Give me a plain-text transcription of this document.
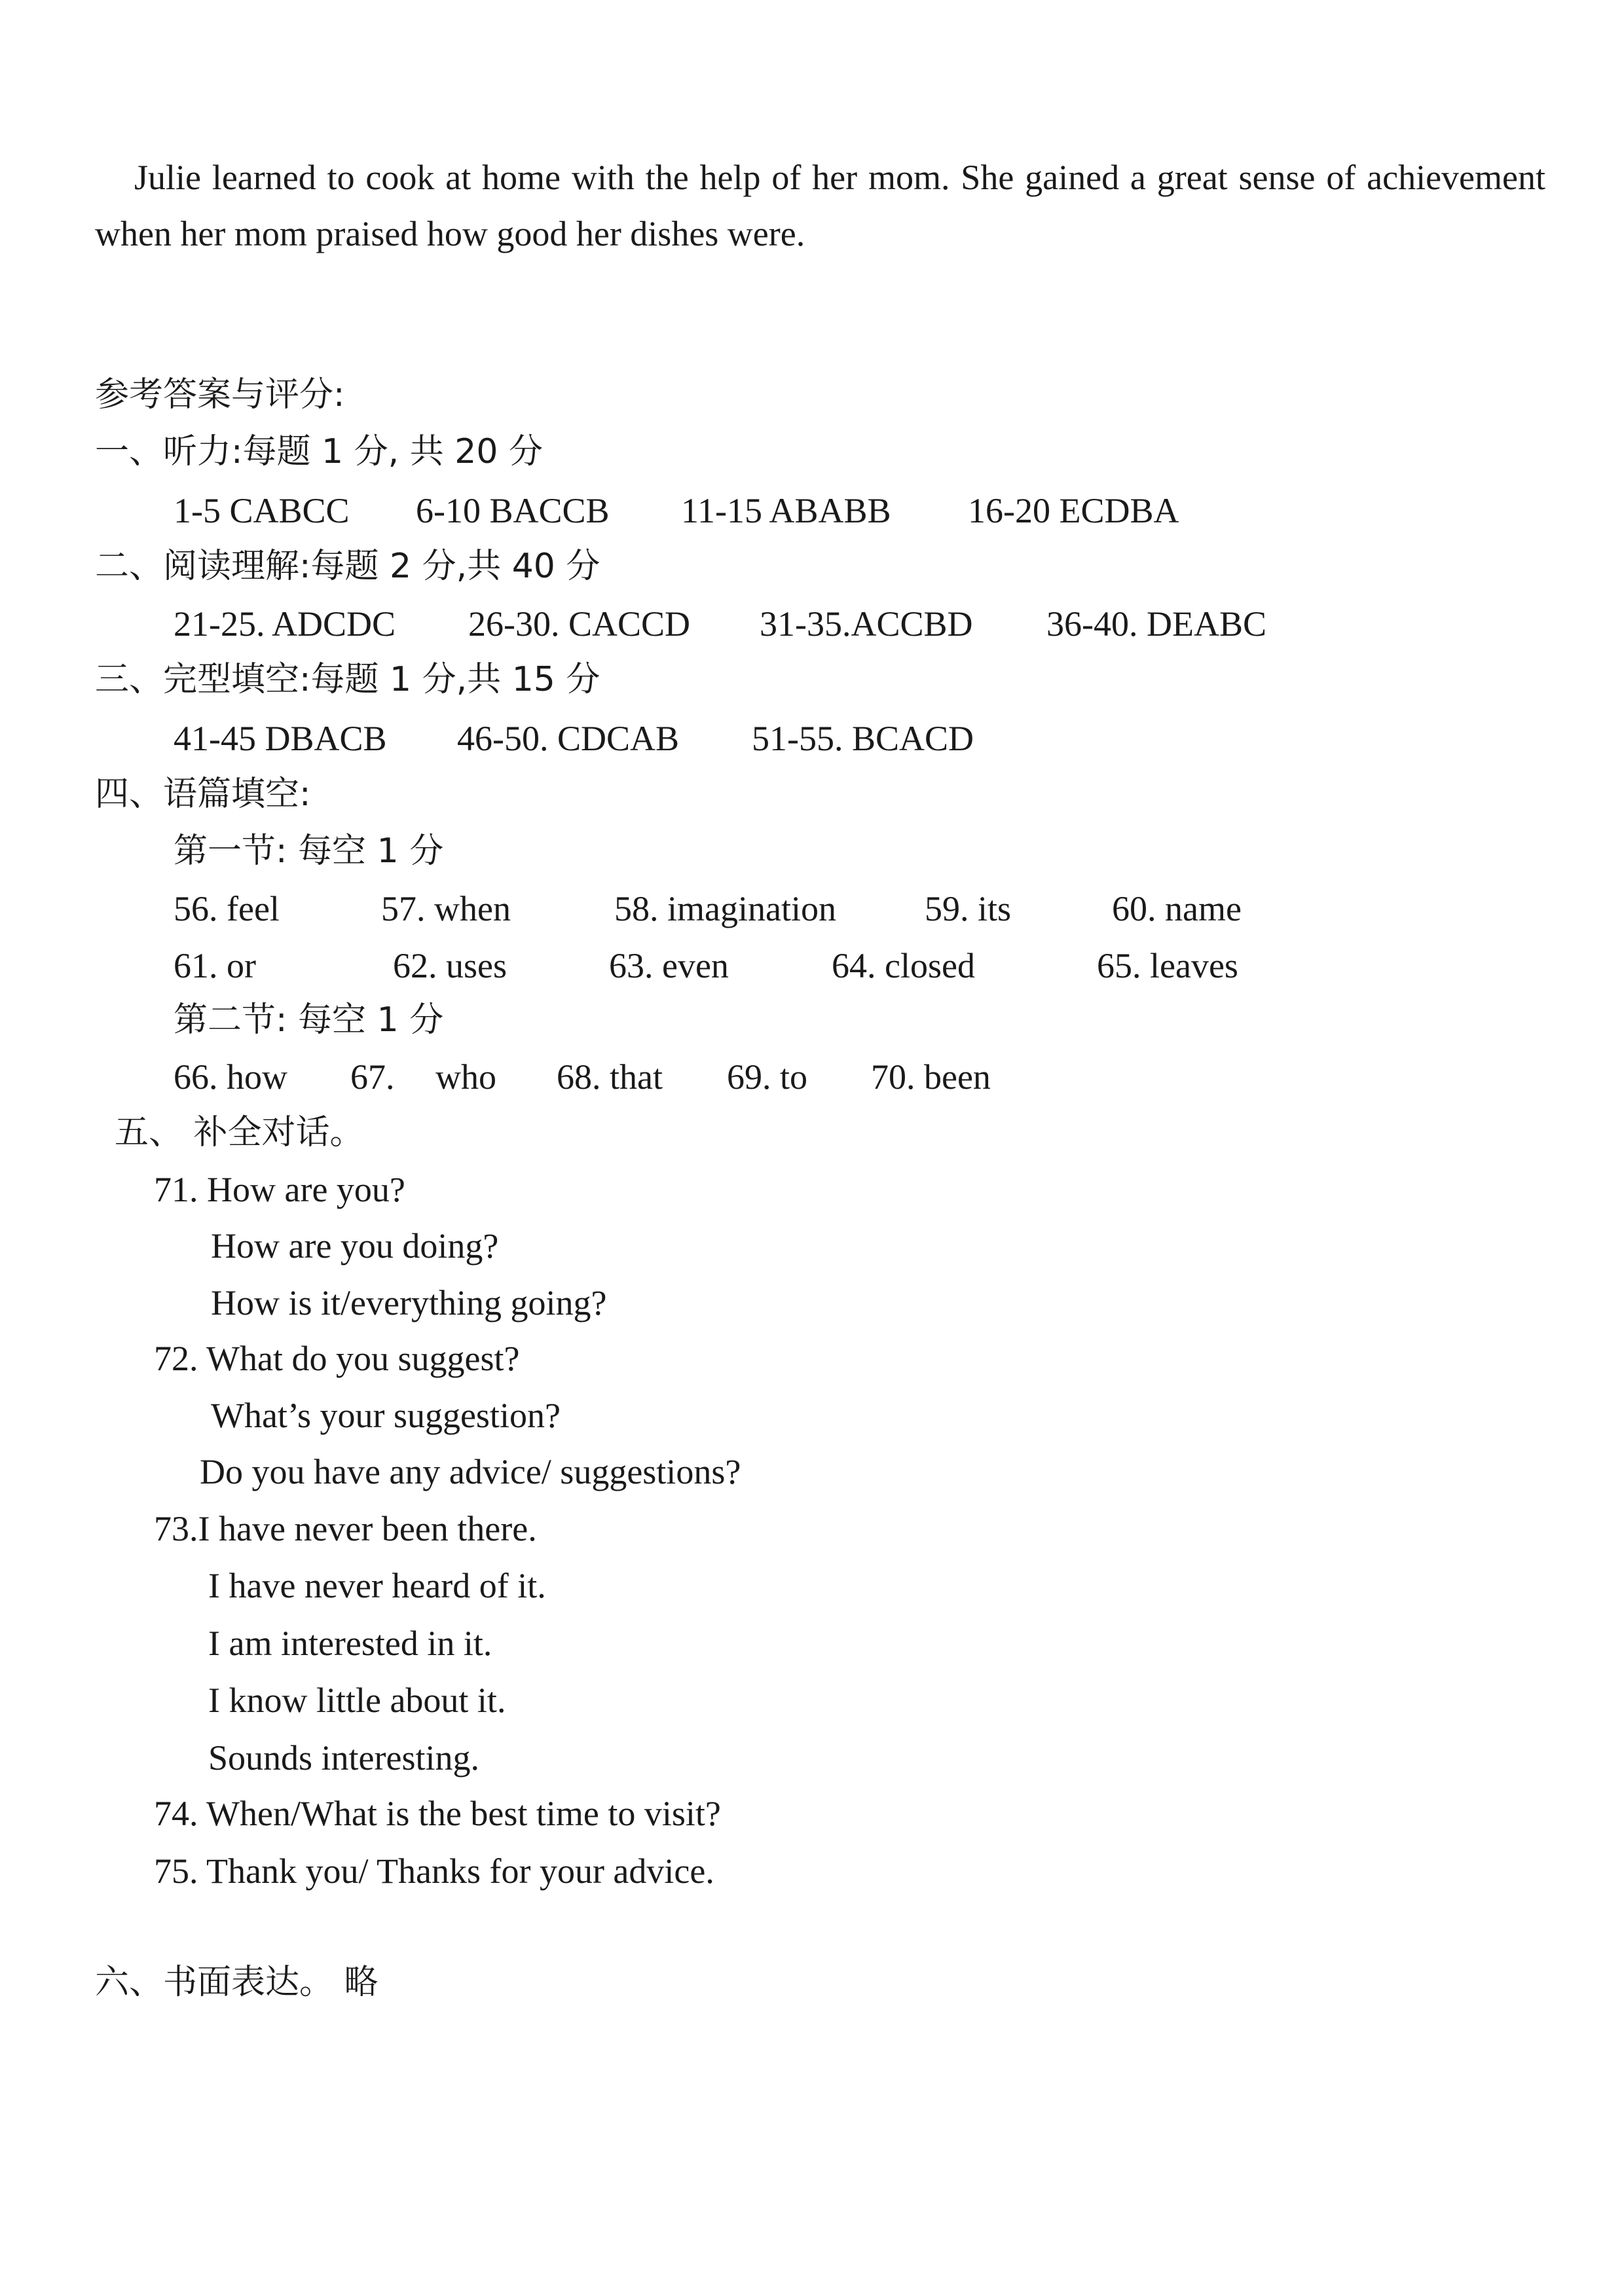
Julie learned to cook at home with the help of her mom. She gained a great sense of achievement when her mom praised how good her dishes were.

参考答案与评分:
一、听力:每题 1 分, 共 20 分
1-5 CABCC 6-10 BACCB 11-15 ABABB 16-20 ECDBA
二、阅读理解:每题 2 分,共 40 分
21-25. ADCDC 26-30. CACCD 31-35.ACCBD 36-40. DEABC
三、完型填空:每题 1 分,共 15 分
41-45 DBACB 46-50. CDCAB 51-55. BCACD
四、语篇填空:
第一节: 每空 1 分
56. feel	57. when	58. imagination	59. its	60. name
61. or	62. uses	63. even	64. closed	65. leaves
第二节: 每空 1 分
66. how 67. who 68. that 69. to 70. been
五、 补全对话。
71. How are you?
How are you doing?
How is it/everything going?
72. What do you suggest?
What’s your suggestion?
Do you have any advice/ suggestions?
73.I have never been there.
I have never heard of it.
I am interested in it.
I know little about it.
Sounds interesting.
74. When/What is the best time to visit?
75. Thank you/ Thanks for your advice.
六、书面表达。 略
